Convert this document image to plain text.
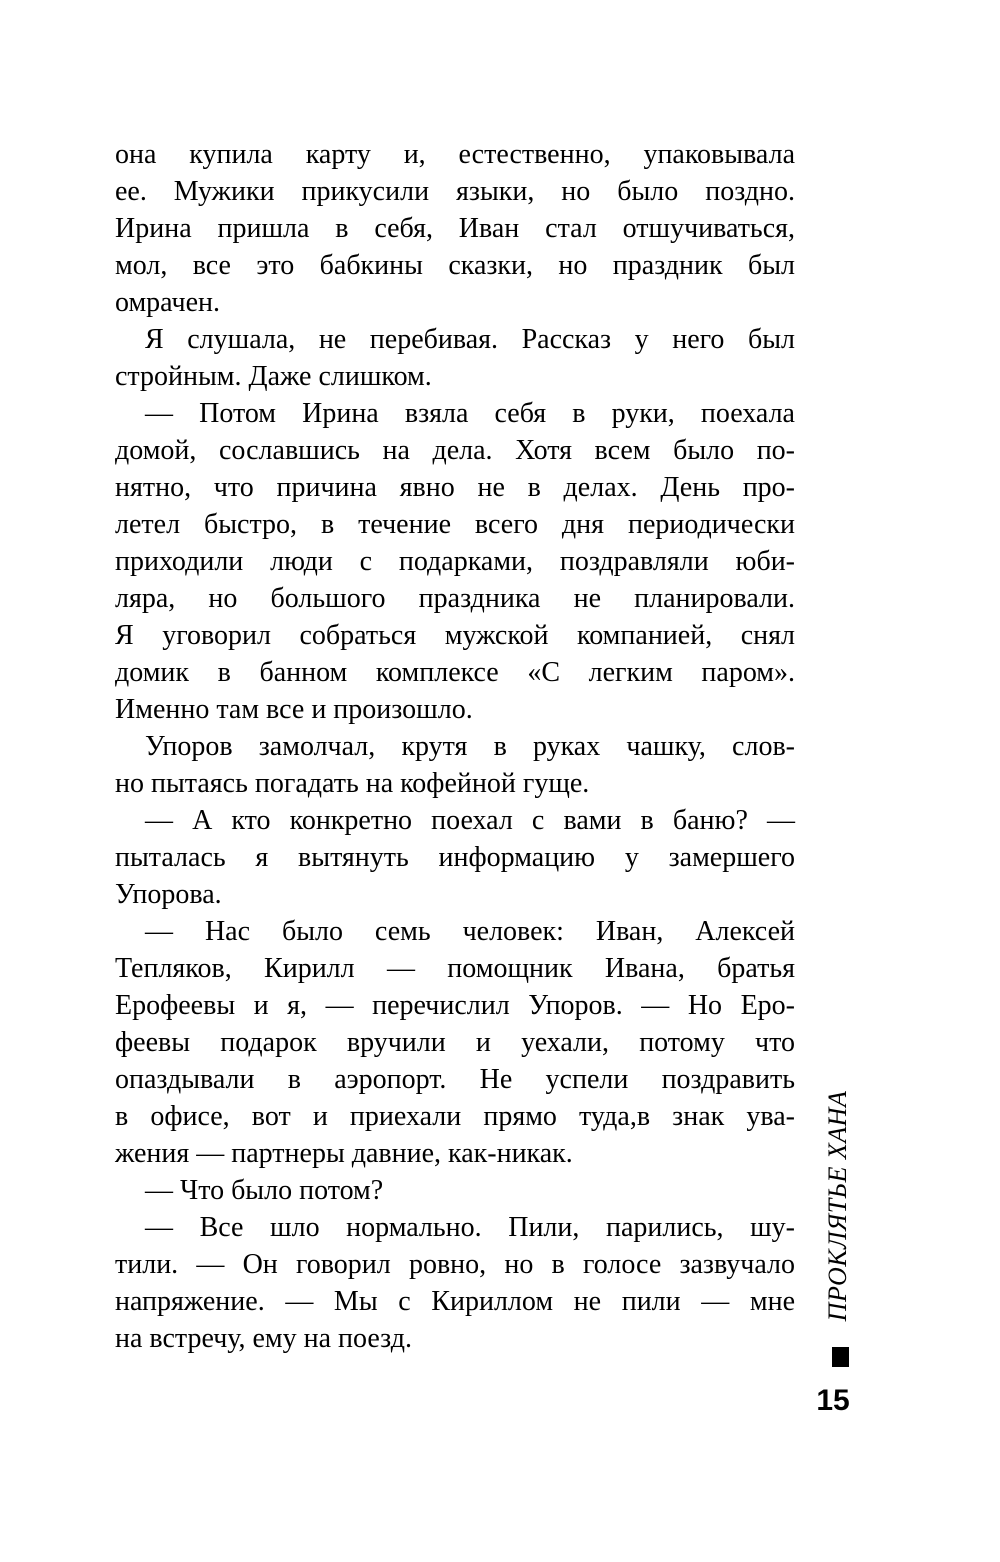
она купила карту и, естественно, упаковывала
ее. Мужики прикусили языки, но было поздно.
Ирина пришла в себя, Иван стал отшучиваться,
мол, все это бабкины сказки, но праздник был
омрачен.
Я слушала, не перебивая. Рассказ у него был
стройным. Даже слишком.
— Потом Ирина взяла себя в руки, поехала
домой, сославшись на дела. Хотя всем было по-
нятно, что причина явно не в делах. День про-
летел быстро, в течение всего дня периодически
приходили люди с подарками, поздравляли юби-
ляра, но большого праздника не планировали.
Я уговорил собраться мужской компанией, снял
домик в банном комплексе «С легким паром».
Именно там все и произошло.
Упоров замолчал, крутя в руках чашку, слов-
но пытаясь погадать на кофейной гуще.
— А кто конкретно поехал с вами в баню? —
пыталась я вытянуть информацию у замершего
Упорова.
— Нас было семь человек: Иван, Алексей
Тепляков, Кирилл — помощник Ивана, братья
Ерофеевы и я, — перечислил Упоров. — Но Еро-
феевы подарок вручили и уехали, потому что
опаздывали в аэропорт. Не успели поздравить
в офисе, вот и приехали прямо туда,в знак ува-
жения — партнеры давние, как-никак.
— Что было потом?
— Все шло нормально. Пили, парились, шу-
тили. — Он говорил ровно, но в голосе зазвучало
напряжение. — Мы с Кириллом не пили — мне
на встречу, ему на поезд.
ПРОКЛЯТЬЕ ХАНА
15
